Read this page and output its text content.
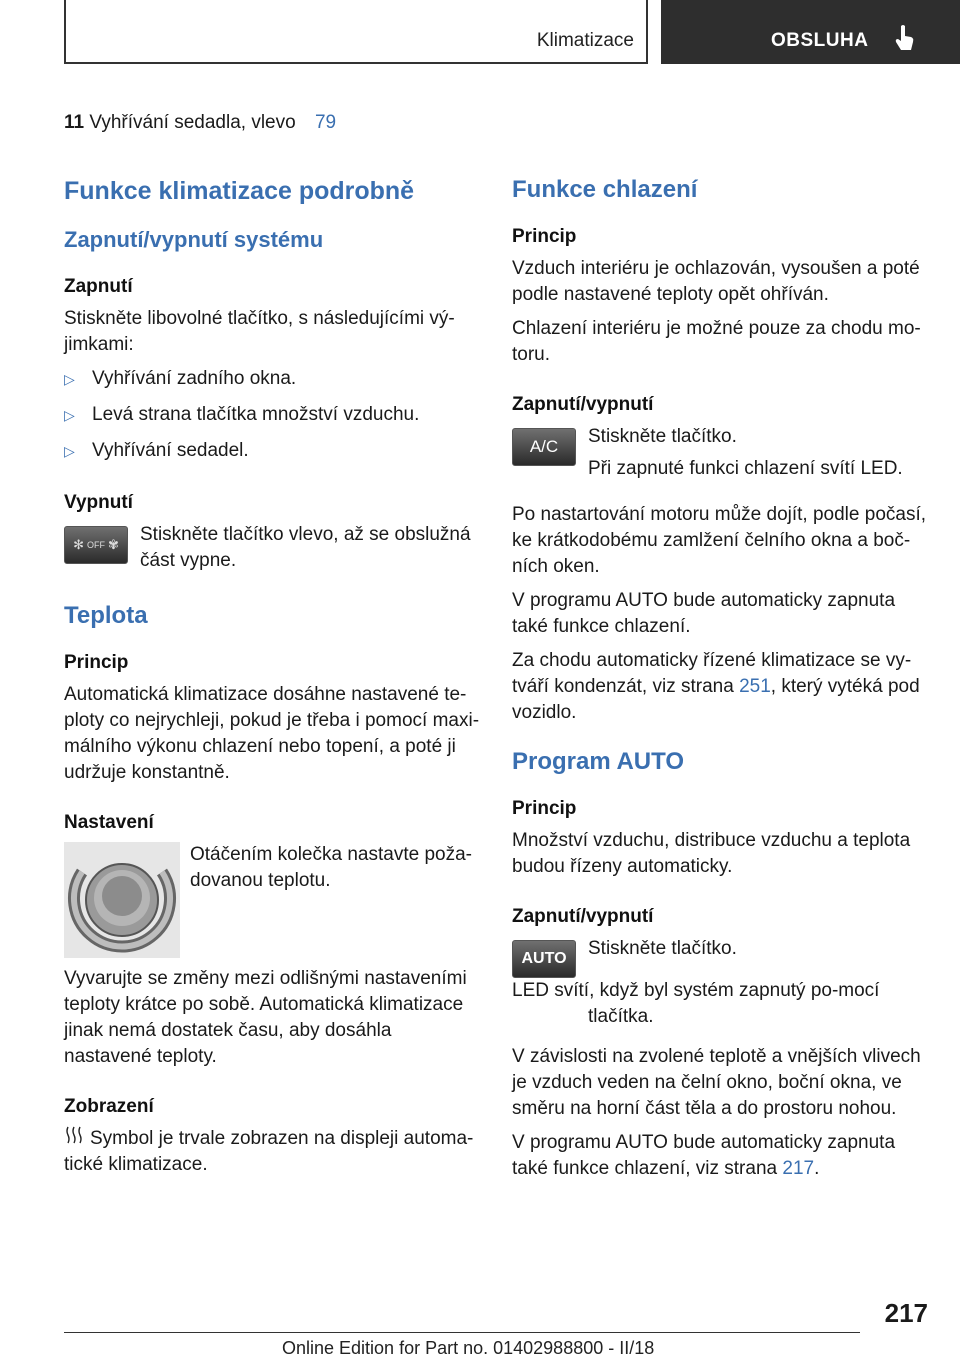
Klimatizace	OBSLUHA
11 Vyhřívání sedadla, vlevo 79
Funkce klimatizace podrobně
Zapnutí/vypnutí systému
Zapnutí

Stiskněte libovolné tlačítko, s následujícími vý-jimkami:

▷ Vyhřívání zadního okna.
▷ Levá strana tlačítka množství vzduchu.
▷ Vyhřívání sedadel.
Vypnutí
✻ OFF ✾ Stiskněte tlačítko vlevo, až se obslužná část vypne.

Teplota
Princip

Automatická klimatizace dosáhne nastavené te-ploty co nejrychleji, pokud je třeba i pomocí maxi-málního výkonu chlazení nebo topení, a poté ji udržuje konstantně.

Nastavení

Otáčením kolečka nastavte poža-dovanou teplotu.

Vyvarujte se změny mezi odlišnými nastaveními teploty krátce po sobě. Automatická klimatizace jinak nemá dostatek času, aby dosáhla nastavené teploty.

Zobrazení

Symbol je trvale zobrazen na displeji automa-tické klimatizace.

Funkce chlazení
Princip

Vzduch interiéru je ochlazován, vysoušen a poté podle nastavené teploty opět ohříván.

Chlazení interiéru je možné pouze za chodu mo-toru.

Zapnutí/vypnutí
A/C	Stiskněte tlačítko.

Při zapnuté funkci chlazení svítí LED.

Po nastartování motoru může dojít, podle počasí, ke krátkodobému zamlžení čelního okna a boč-ních oken.

V programu AUTO bude automaticky zapnuta také funkce chlazení.

Za chodu automaticky řízené klimatizace se vy-tváří kondenzát, viz strana 251, který vytéká pod vozidlo.

Program AUTO
Princip

Množství vzduchu, distribuce vzduchu a teplota budou řízeny automaticky.

Zapnutí/vypnutí
AUTO	Stiskněte tlačítko.

LED svítí, když byl systém zapnutý po-mocí tlačítka.

V závislosti na zvolené teplotě a vnějších vlivech je vzduch veden na čelní okno, boční okna, ve směru na horní část těla a do prostoru nohou.

V programu AUTO bude automaticky zapnuta také funkce chlazení, viz strana 217.

217
Online Edition for Part no. 01402988800 - II/18
